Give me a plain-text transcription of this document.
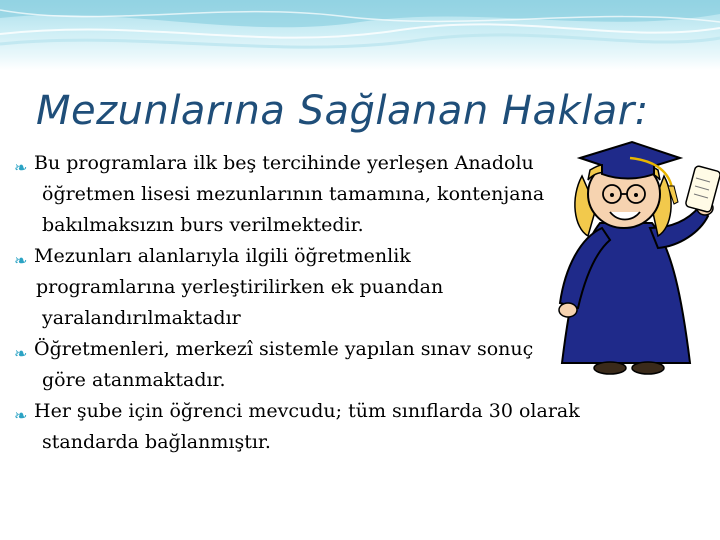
Mezunlarına Sağlanan Haklar:
❧ Bu programlara ilk beş tercihinde yerleşen Anadolu
öğretmen lisesi mezunlarının tamamına, kontenjana
bakılmaksızın burs verilmektedir.
❧ Mezunları alanlarıyla ilgili öğretmenlik
programlarına yerleştirilirken ek puandan
yaralandırılmaktadır
❧ Öğretmenleri, merkezî sistemle yapılan sınav sonuç
göre atanmaktadır.
❧ Her şube için öğrenci mevcudu; tüm sınıflarda 30 olarak
standarda bağlanmıştır.
